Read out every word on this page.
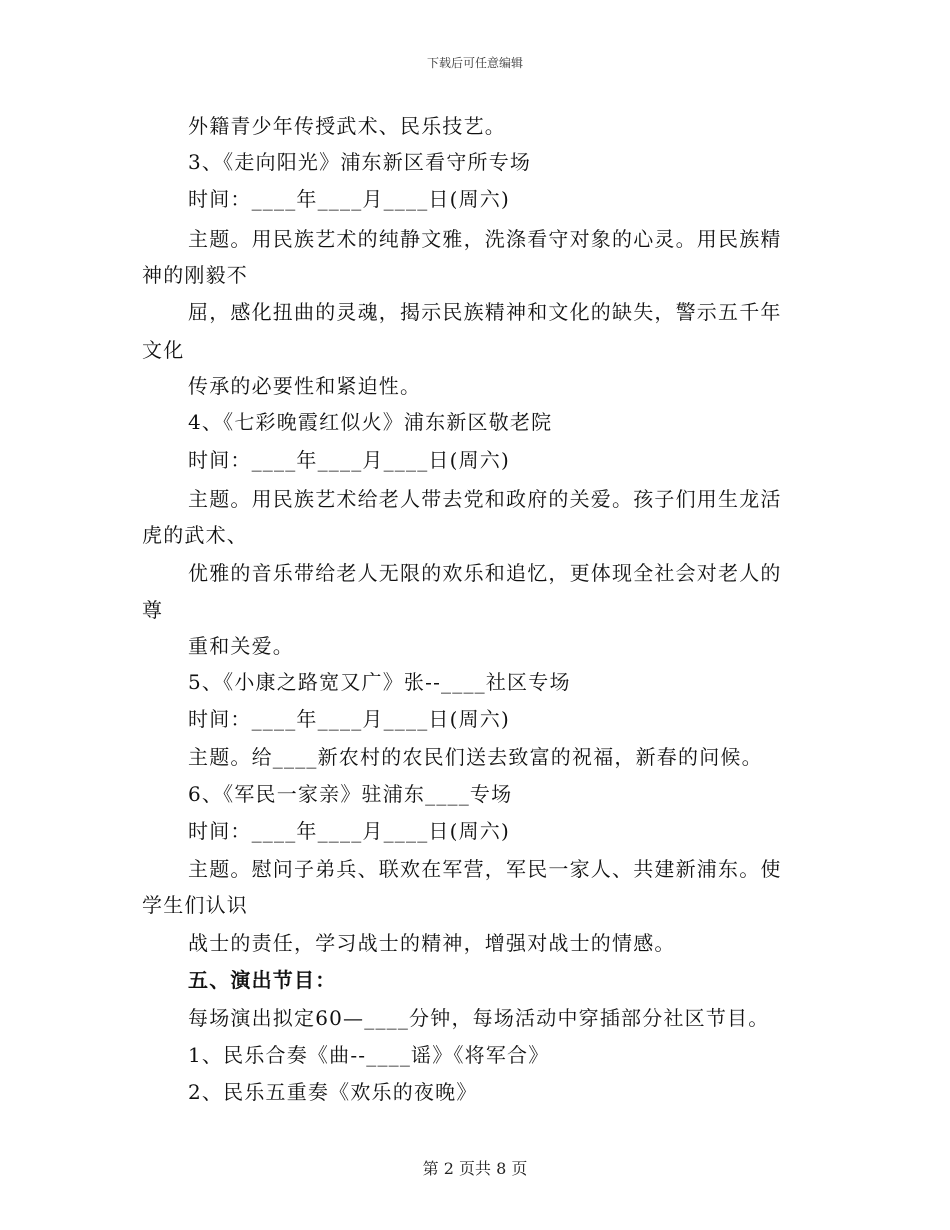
下载后可任意编辑
外籍青少年传授武术、民乐技艺。
3、《走向阳光》浦东新区看守所专场
时间：____年____月____日(周六)
主题。用民族艺术的纯静文雅，洗涤看守对象的心灵。用民族精
神的刚毅不
屈，感化扭曲的灵魂，揭示民族精神和文化的缺失，警示五千年
文化
传承的必要性和紧迫性。
4、《七彩晚霞红似火》浦东新区敬老院
时间：____年____月____日(周六)
主题。用民族艺术给老人带去党和政府的关爱。孩子们用生龙活
虎的武术、
优雅的音乐带给老人无限的欢乐和追忆，更体现全社会对老人的
尊
重和关爱。
5、《小康之路宽又广》张--____社区专场
时间：____年____月____日(周六)
主题。给____新农村的农民们送去致富的祝福，新春的问候。
6、《军民一家亲》驻浦东____专场
时间：____年____月____日(周六)
主题。慰问子弟兵、联欢在军营，军民一家人、共建新浦东。使
学生们认识
战士的责任，学习战士的精神，增强对战士的情感。
五、演出节目：
每场演出拟定60—____分钟，每场活动中穿插部分社区节目。
1、民乐合奏《曲--____谣》《将军合》
2、民乐五重奏《欢乐的夜晚》
第 2 页共 8 页
